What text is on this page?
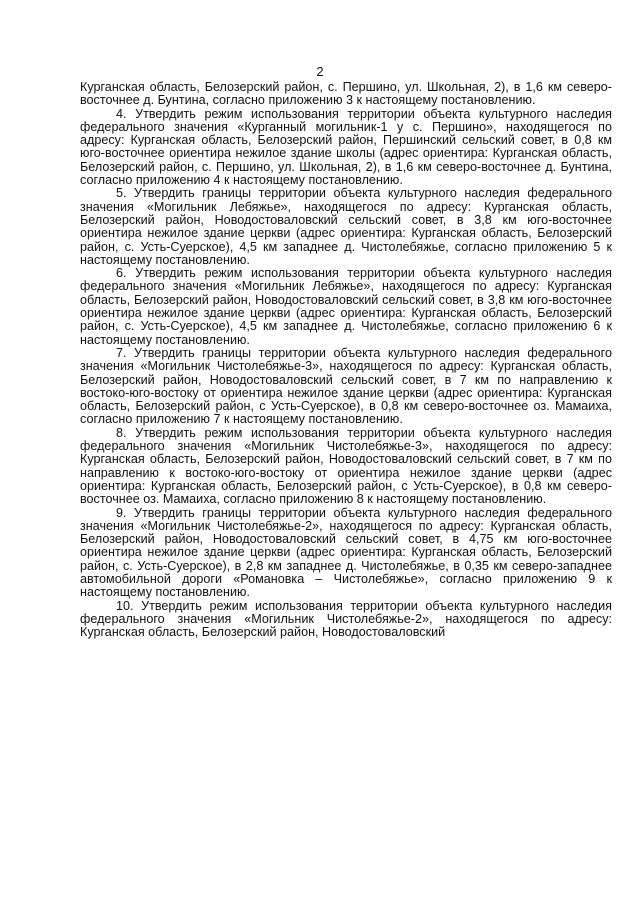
2

Курганская область, Белозерский район, с. Першино, ул. Школьная, 2), в 1,6 км северо-восточнее д. Бунтина, согласно приложению 3 к настоящему постановлению.

4. Утвердить режим использования территории объекта культурного наследия федерального значения «Курганный могильник-1 у с. Першино», находящегося по адресу: Курганская область, Белозерский район, Першинский сельский совет, в 0,8 км юго-восточнее ориентира нежилое здание школы (адрес ориентира: Курганская область, Белозерский район, с. Першино, ул. Школьная, 2), в 1,6 км северо-восточнее д. Бунтина, согласно приложению 4 к настоящему постановлению.

5. Утвердить границы территории объекта культурного наследия федерального значения «Могильник Лебяжье», находящегося по адресу: Курганская область, Белозерский район, Новодостоваловский сельский совет, в 3,8 км юго-восточнее ориентира нежилое здание церкви (адрес ориентира: Курганская область, Белозерский район, с. Усть-Суерское), 4,5 км западнее д. Чистолебяжье, согласно приложению 5 к настоящему постановлению.

6. Утвердить режим использования территории объекта культурного наследия федерального значения «Могильник Лебяжье», находящегося по адресу: Курганская область, Белозерский район, Новодостоваловский сельский совет, в 3,8 км юго-восточнее ориентира нежилое здание церкви (адрес ориентира: Курганская область, Белозерский район, с. Усть-Суерское), 4,5 км западнее д. Чистолебяжье, согласно приложению 6 к настоящему постановлению.

7. Утвердить границы территории объекта культурного наследия федерального значения «Могильник Чистолебяжье-3», находящегося по адресу: Курганская область, Белозерский район, Новодостоваловский сельский совет, в 7 км по направлению к востоко-юго-востоку от ориентира нежилое здание церкви (адрес ориентира: Курганская область, Белозерский район, с Усть-Суерское), в 0,8 км северо-восточнее оз. Мамаиха, согласно приложению 7 к настоящему постановлению.

8. Утвердить режим использования территории объекта культурного наследия федерального значения «Могильник Чистолебяжье-3», находящегося по адресу: Курганская область, Белозерский район, Новодостоваловский сельский совет, в 7 км по направлению к востоко-юго-востоку от ориентира нежилое здание церкви (адрес ориентира: Курганская область, Белозерский район, с Усть-Суерское), в 0,8 км северо-восточнее оз. Мамаиха, согласно приложению 8 к настоящему постановлению.

9. Утвердить границы территории объекта культурного наследия федерального значения «Могильник Чистолебяжье-2», находящегося по адресу: Курганская область, Белозерский район, Новодостоваловский сельский совет, в 4,75 км юго-восточнее ориентира нежилое здание церкви (адрес ориентира: Курганская область, Белозерский район, с. Усть-Суерское), в 2,8 км западнее д. Чистолебяжье, в 0,35 км северо-западнее автомобильной дороги «Романовка – Чистолебяжье», согласно приложению 9 к настоящему постановлению.

10. Утвердить режим использования территории объекта культурного наследия федерального значения «Могильник Чистолебяжье-2», находящегося по адресу: Курганская область, Белозерский район, Новодостоваловский
